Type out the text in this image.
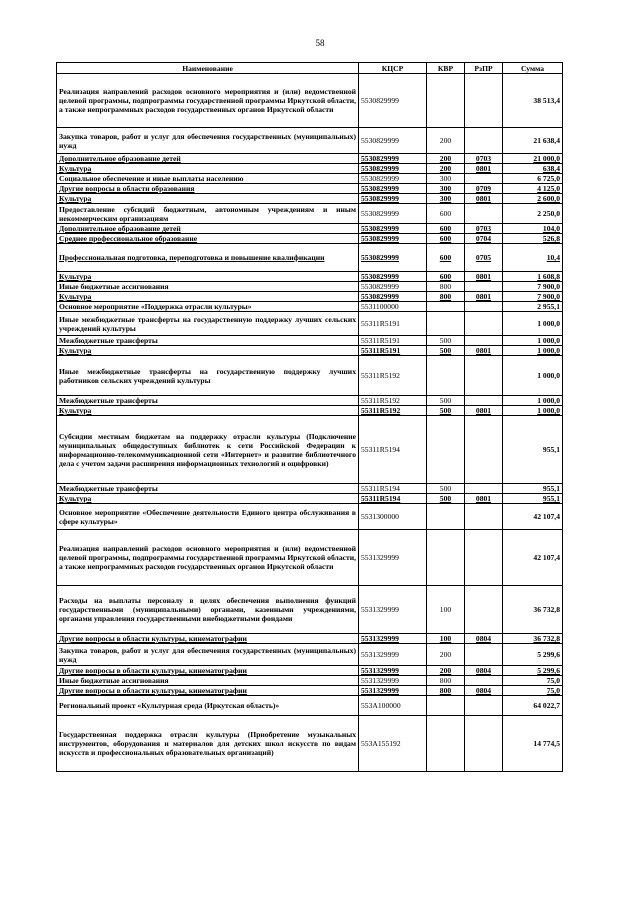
58
Наименование	КЦСР	КВР	РзПР	Сумма
Реализация направлений расходов основного мероприятия и (или) ведомственной целевой программы, подпрограммы государственной программы Иркутской области, а также непрограммных расходов государственных органов Иркутской области	5530829999			38 513,4
Закупка товаров, работ и услуг для обеспечения государственных (муниципальных) нужд	5530829999	200		21 638,4
Дополнительное образование детей	5530829999	200	0703	21 000,0
Культура	5530829999	200	0801	638,4
Социальное обеспечение и иные выплаты населению	5530829999	300		6 725,0
Другие вопросы в области образования	5530829999	300	0709	4 125,0
Культура	5530829999	300	0801	2 600,0
Предоставление субсидий бюджетным, автономным учреждениям и иным некоммерческим организациям	5530829999	600		2 250,0
Дополнительное образование детей	5530829999	600	0703	104,0
Среднее профессиональное образование	5530829999	600	0704	526,8
Профессиональная подготовка, переподготовка и повышение квалификации	5530829999	600	0705	10,4
Культура	5530829999	600	0801	1 608,8
Иные бюджетные ассигнования	5530829999	800		7 900,0
Культура	5530829999	800	0801	7 900,0
Основное мероприятие «Поддержка отрасли культуры»	5531100000			2 955,1
Иные межбюджетные трансферты на государственную поддержку лучших сельских учреждений культуры	55311R5191			1 000,0
Межбюджетные трансферты	55311R5191	500		1 000,0
Культура	55311R5191	500	0801	1 000,0
Иные межбюджетные трансферты на государственную поддержку лучших работников сельских учреждений культуры	55311R5192			1 000,0
Межбюджетные трансферты	55311R5192	500		1 000,0
Культура	55311R5192	500	0801	1 000,0
Субсидии местным бюджетам на поддержку отрасли культуры (Подключение муниципальных общедоступных библиотек к сети Российской Федерации к информационно-телекоммуникационной сети «Интернет» и развитие библиотечного дела с учетом задачи расширения информационных технологий и оцифровки)	55311R5194			955,1
Межбюджетные трансферты	55311R5194	500		955,1
Культура	55311R5194	500	0801	955,1
Основное мероприятие «Обеспечение деятельности Единого центра обслуживания в сфере культуры»	5531300000			42 107,4
Реализация направлений расходов основного мероприятия и (или) ведомственной целевой программы, подпрограммы государственной программы Иркутской области, а также непрограммных расходов государственных органов Иркутской области	5531329999			42 107,4
Расходы на выплаты персоналу в целях обеспечения выполнения функций государственными (муниципальными) органами, казенными учреждениями, органами управления государственными внебюджетными фондами	5531329999	100		36 732,8
Другие вопросы в области культуры, кинематографии	5531329999	100	0804	36 732,8
Закупка товаров, работ и услуг для обеспечения государственных (муниципальных) нужд	5531329999	200		5 299,6
Другие вопросы в области культуры, кинематографии	5531329999	200	0804	5 299,6
Иные бюджетные ассигнования	5531329999	800		75,0
Другие вопросы в области культуры, кинематографии	5531329999	800	0804	75,0
Региональный проект «Культурная среда (Иркутская область)»	553A100000			64 022,7
Государственная поддержка отрасли культуры (Приобретение музыкальных инструментов, оборудования и материалов для детских школ искусств по видам искусств и профессиональных образовательных организаций)	553A155192			14 774,5
